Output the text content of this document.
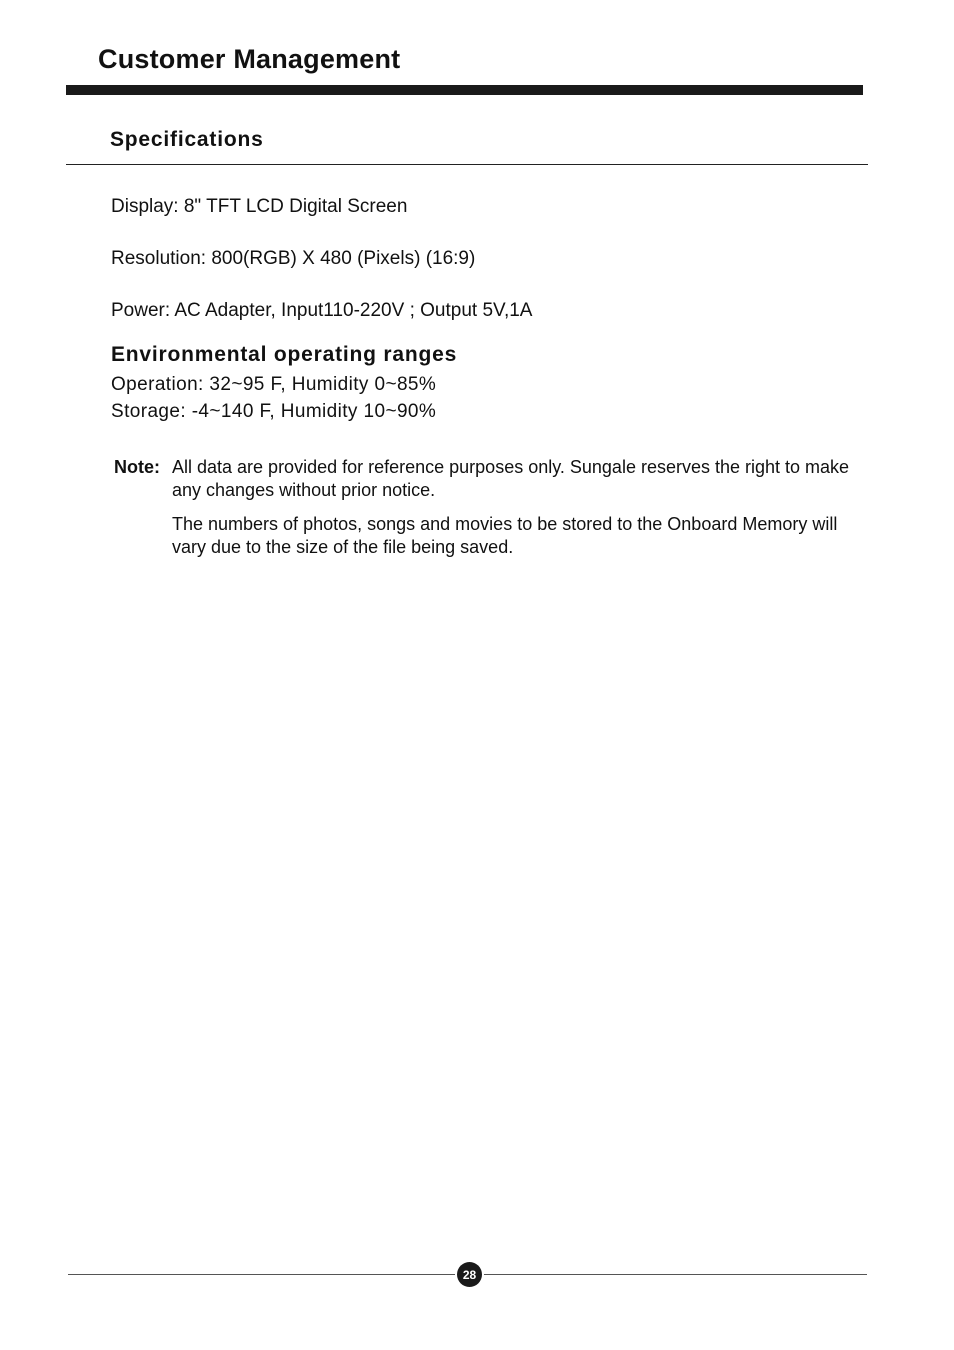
Customer Management
Specifications

Display: 8" TFT LCD Digital Screen

Resolution: 800(RGB) X 480 (Pixels) (16:9)

Power: AC Adapter, Input110-220V ; Output 5V,1A

Environmental operating ranges

Operation: 32~95 F, Humidity 0~85%

Storage: -4~140 F, Humidity 10~90%

Note: All data are provided for reference purposes only. Sungale reserves the right to make any changes without prior notice.

The numbers of photos, songs and movies to be stored to the Onboard Memory will vary due to the size of the file being saved.

28
